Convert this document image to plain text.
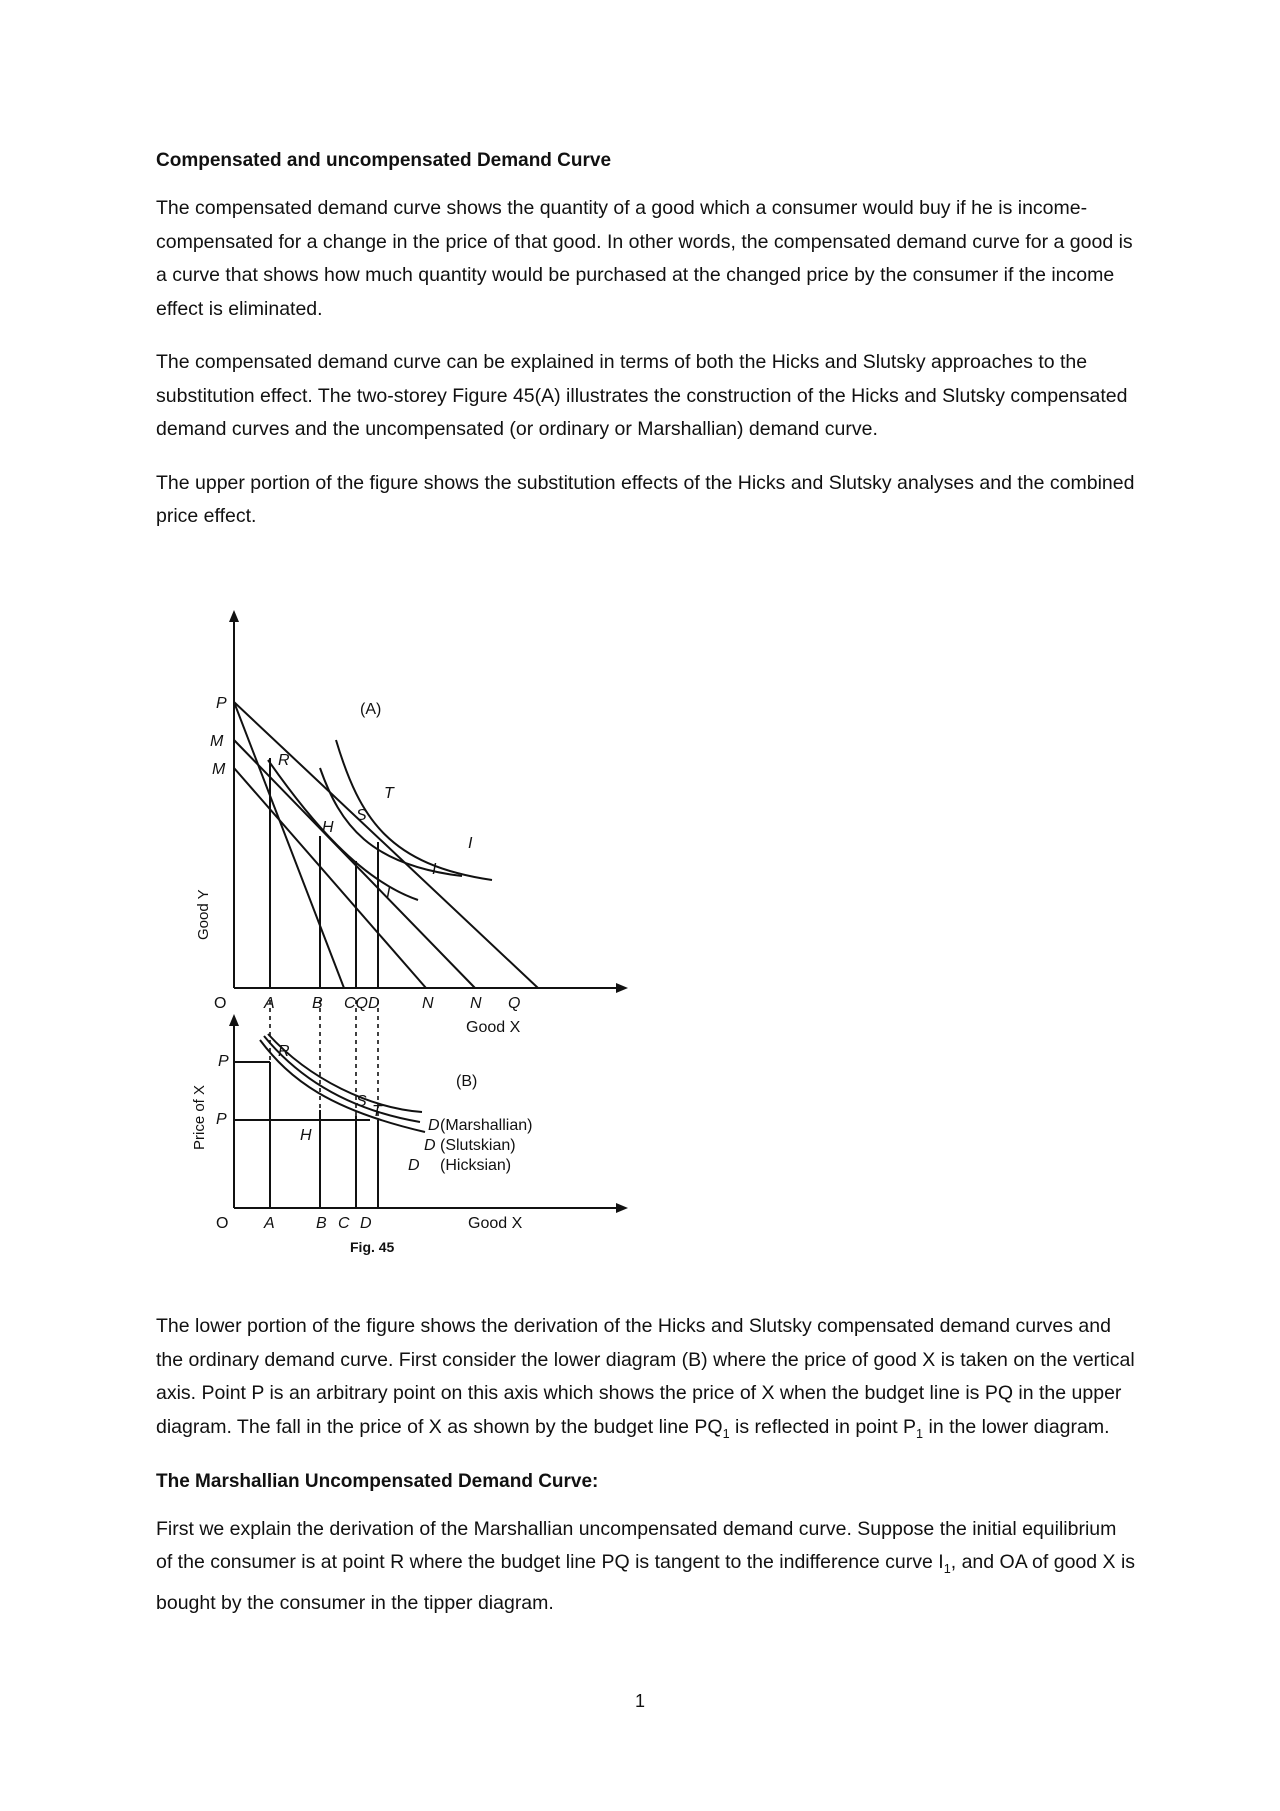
Compensated and uncompensated Demand Curve

The compensated demand curve shows the quantity of a good which a consumer would buy if he is income-compensated for a change in the price of that good. In other words, the compensated demand curve for a good is a curve that shows how much quantity would be purchased at the changed price by the consumer if the income effect is eliminated.

The compensated demand curve can be explained in terms of both the Hicks and Slutsky approaches to the substitution effect. The two-storey Figure 45(A) illustrates the construction of the Hicks and Slutsky compensated demand curves and the uncompensated (or ordinary or Marshallian) demand curve.

The upper portion of the figure shows the substitution effects of the Hicks and Slutsky analyses and the combined price effect.

(A)
P
M
M
R
H
S
T
I
I
I
Good Y
O A B CQD	N N Q
Good X
(B)
P
P
R
H
S
T
D (Marshallian)
D (Slutskian)
D (Hicksian)
Price of X
O A	B C D	Good X
Fig. 45

The lower portion of the figure shows the derivation of the Hicks and Slutsky compensated demand curves and the ordinary demand curve. First consider the lower diagram (B) where the price of good X is taken on the vertical axis. Point P is an arbitrary point on this axis which shows the price of X when the budget line is PQ in the upper diagram. The fall in the price of X as shown by the budget line $PQ_1$ is reflected in point $P_1$ in the lower diagram.

The Marshallian Uncompensated Demand Curve:

First we explain the derivation of the Marshallian uncompensated demand curve. Suppose the initial equilibrium of the consumer is at point R where the budget line PQ is tangent to the indifference curve $I_1$, and OA of good X is bought by the consumer in the tipper diagram.

1
